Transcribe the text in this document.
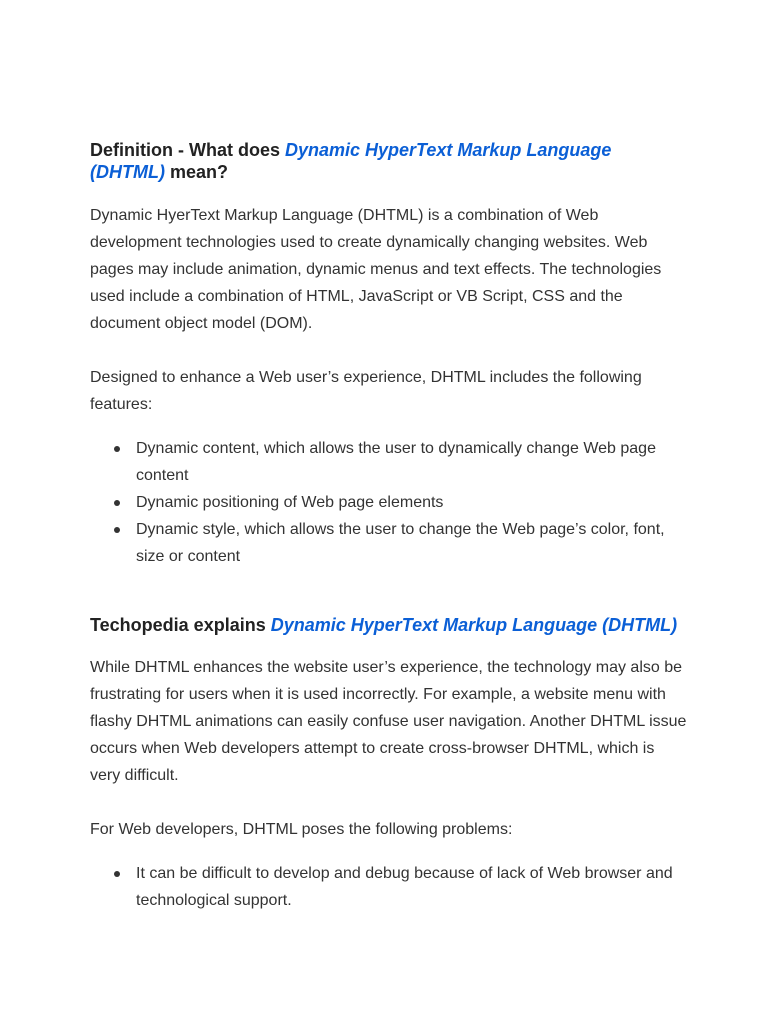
Definition - What does Dynamic HyperText Markup Language (DHTML) mean?

Dynamic HyerText Markup Language (DHTML) is a combination of Web development technologies used to create dynamically changing websites. Web pages may include animation, dynamic menus and text effects. The technologies used include a combination of HTML, JavaScript or VB Script, CSS and the document object model (DOM).

Designed to enhance a Web user’s experience, DHTML includes the following features:

Dynamic content, which allows the user to dynamically change Web page content
Dynamic positioning of Web page elements
Dynamic style, which allows the user to change the Web page’s color, font, size or content
Techopedia explains Dynamic HyperText Markup Language (DHTML)

While DHTML enhances the website user’s experience, the technology may also be frustrating for users when it is used incorrectly. For example, a website menu with flashy DHTML animations can easily confuse user navigation. Another DHTML issue occurs when Web developers attempt to create cross-browser DHTML, which is very difficult.

For Web developers, DHTML poses the following problems:

It can be difficult to develop and debug because of lack of Web browser and technological support.
